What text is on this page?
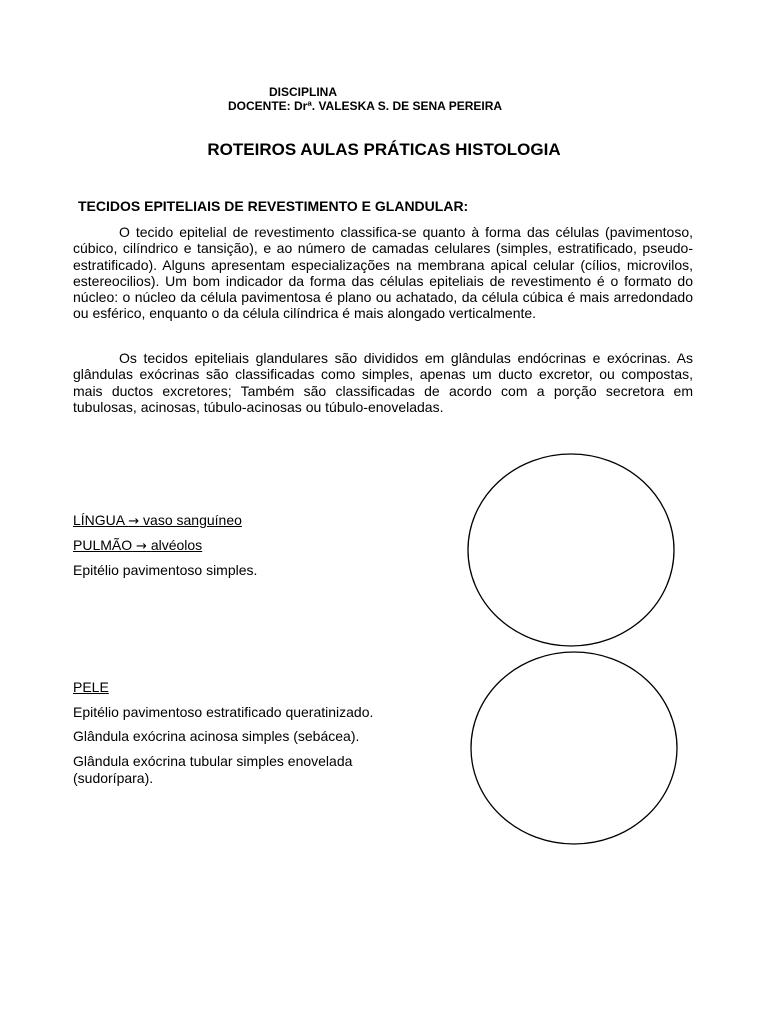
DISCIPLINA
DOCENTE: Drª. VALESKA S. DE SENA PEREIRA
ROTEIROS AULAS PRÁTICAS HISTOLOGIA
TECIDOS EPITELIAIS DE REVESTIMENTO E GLANDULAR:

O tecido epitelial de revestimento classifica-se quanto à forma das células (pavimentoso, cúbico, cilíndrico e tansição), e ao número de camadas celulares (simples, estratificado, pseudo-estratificado). Alguns apresentam especializações na membrana apical celular (cílios, microvilos, estereocilios). Um bom indicador da forma das células epiteliais de revestimento é o formato do núcleo: o núcleo da célula pavimentosa é plano ou achatado, da célula cúbica é mais arredondado ou esférico, enquanto o da célula cilíndrica é mais alongado verticalmente.

Os tecidos epiteliais glandulares são divididos em glândulas endócrinas e exócrinas. As glândulas exócrinas são classificadas como simples, apenas um ducto excretor, ou compostas, mais ductos excretores; Também são classificadas de acordo com a porção secretora em tubulosas, acinosas, túbulo-acinosas ou túbulo-enoveladas.

LÍNGUA → vaso sanguíneo
PULMÃO → alvéolos
Epitélio pavimentoso simples.
PELE
Epitélio pavimentoso estratificado queratinizado.
Glândula exócrina acinosa simples (sebácea).
Glândula exócrina tubular simples enovelada (sudorípara).
